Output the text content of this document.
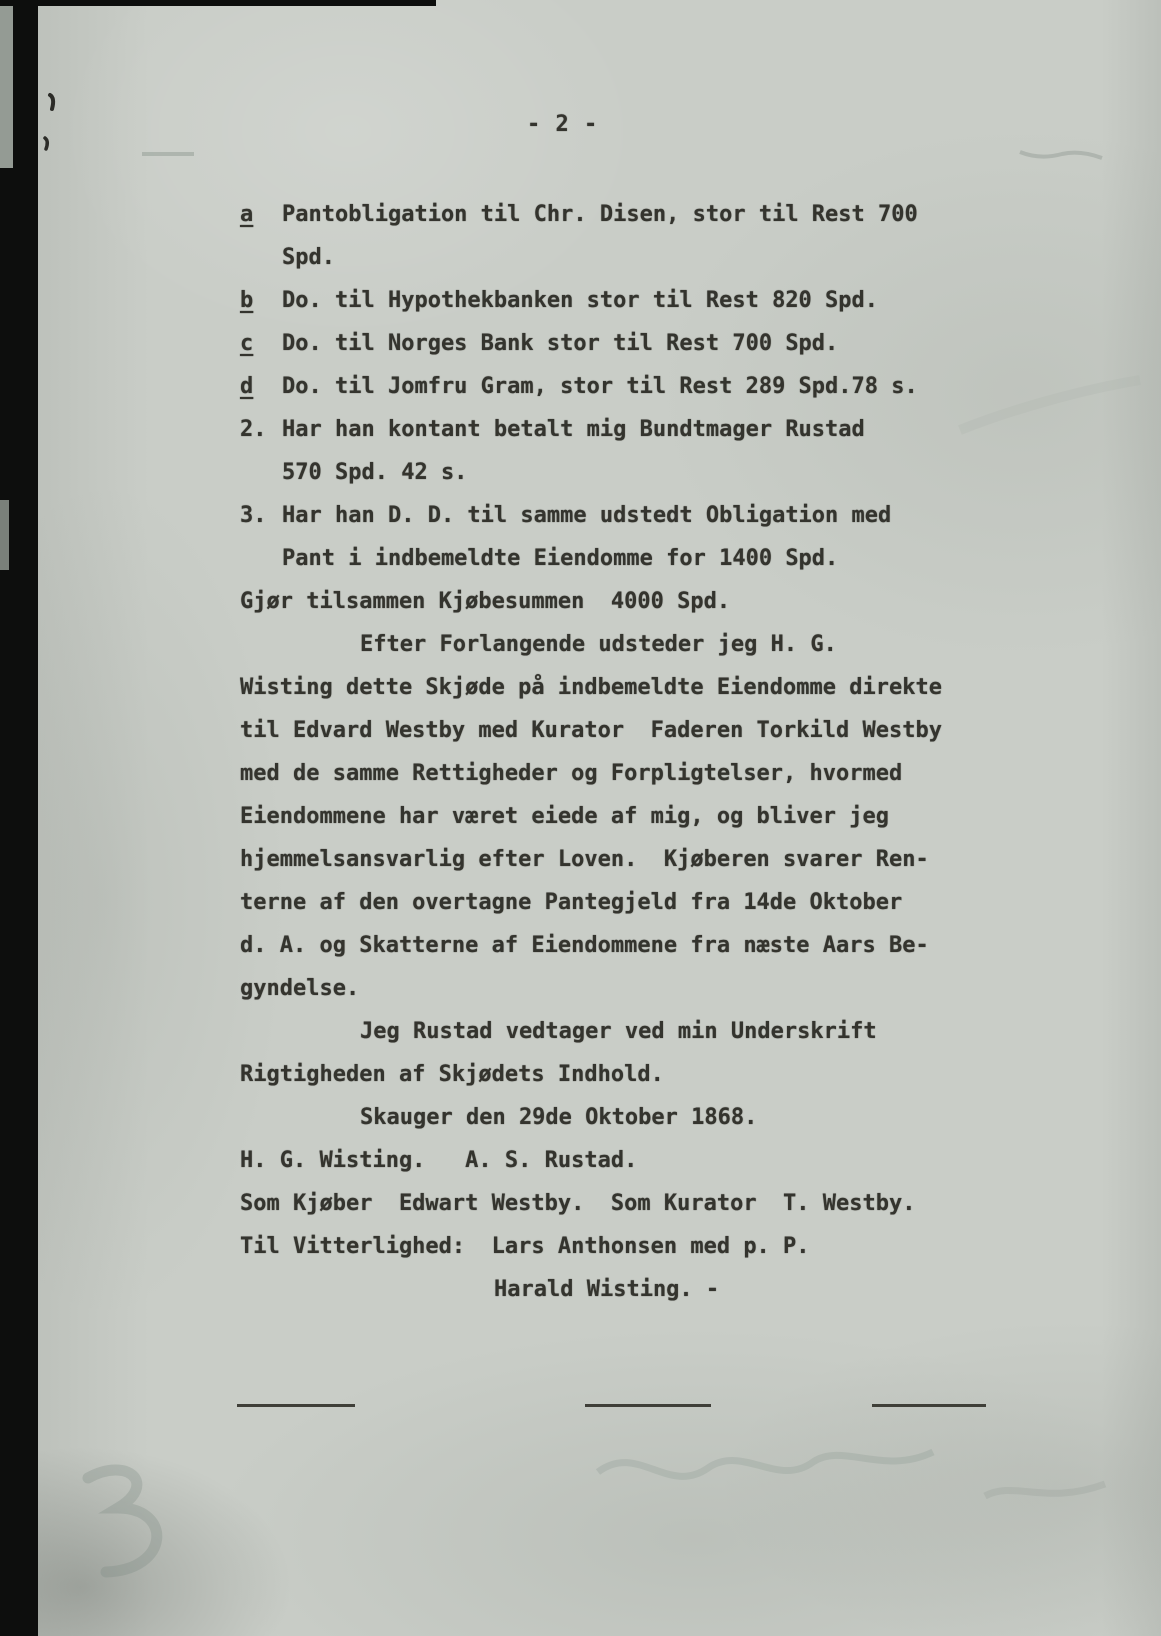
- 2 -
a Pantobligation til Chr. Disen, stor til Rest 700
Spd.
b Do. til Hypothekbanken stor til Rest 820 Spd.
c Do. til Norges Bank stor til Rest 700 Spd.
d Do. til Jomfru Gram, stor til Rest 289 Spd.78 s.
2. Har han kontant betalt mig Bundtmager Rustad
570 Spd. 42 s.
3. Har han D. D. til samme udstedt Obligation med
Pant i indbemeldte Eiendomme for 1400 Spd.
Gjør tilsammen Kjøbesummen  4000 Spd.
Efter Forlangende udsteder jeg H. G.
Wisting dette Skjøde på indbemeldte Eiendomme direkte
til Edvard Westby med Kurator  Faderen Torkild Westby
med de samme Rettigheder og Forpligtelser, hvormed
Eiendommene har været eiede af mig, og bliver jeg
hjemmelsansvarlig efter Loven.  Kjøberen svarer Ren-
terne af den overtagne Pantegjeld fra 14de Oktober
d. A. og Skatterne af Eiendommene fra næste Aars Be-
gyndelse.
Jeg Rustad vedtager ved min Underskrift
Rigtigheden af Skjødets Indhold.
Skauger den 29de Oktober 1868.
H. G. Wisting.   A. S. Rustad.
Som Kjøber  Edwart Westby.  Som Kurator  T. Westby.
Til Vitterlighed:  Lars Anthonsen med p. P.
Harald Wisting. -
